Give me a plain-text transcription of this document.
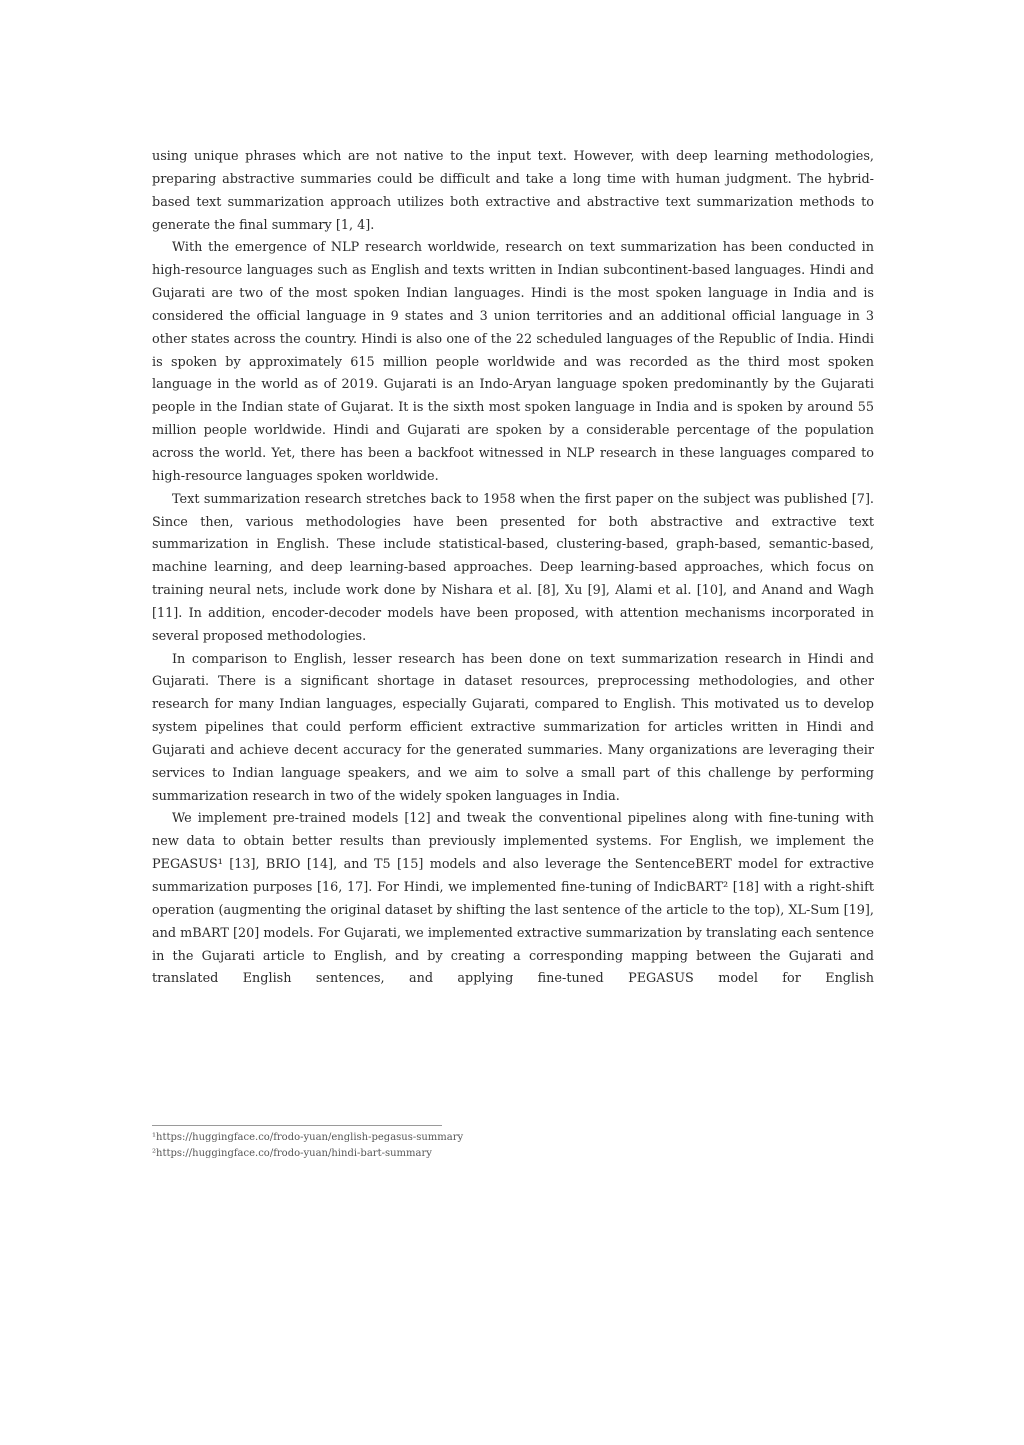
using unique phrases which are not native to the input text. However, with deep learning methodologies, preparing abstractive summaries could be difficult and take a long time with human judgment. The hybrid-based text summarization approach utilizes both extractive and abstractive text summarization methods to generate the final summary [1, 4].

With the emergence of NLP research worldwide, research on text summarization has been conducted in high-resource languages such as English and texts written in Indian subcontinent-based languages. Hindi and Gujarati are two of the most spoken Indian languages. Hindi is the most spoken language in India and is considered the official language in 9 states and 3 union territories and an additional official language in 3 other states across the country. Hindi is also one of the 22 scheduled languages of the Republic of India. Hindi is spoken by approximately 615 million people worldwide and was recorded as the third most spoken language in the world as of 2019. Gujarati is an Indo-Aryan language spoken predominantly by the Gujarati people in the Indian state of Gujarat. It is the sixth most spoken language in India and is spoken by around 55 million people worldwide. Hindi and Gujarati are spoken by a considerable percentage of the population across the world. Yet, there has been a backfoot witnessed in NLP research in these languages compared to high-resource languages spoken worldwide.

Text summarization research stretches back to 1958 when the first paper on the subject was published [7]. Since then, various methodologies have been presented for both abstractive and extractive text summarization in English. These include statistical-based, clustering-based, graph-based, semantic-based, machine learning, and deep learning-based approaches. Deep learning-based approaches, which focus on training neural nets, include work done by Nishara et al. [8], Xu [9], Alami et al. [10], and Anand and Wagh [11]. In addition, encoder-decoder models have been proposed, with attention mechanisms incorporated in several proposed methodologies.

In comparison to English, lesser research has been done on text summarization research in Hindi and Gujarati. There is a significant shortage in dataset resources, preprocessing methodologies, and other research for many Indian languages, especially Gujarati, compared to English. This motivated us to develop system pipelines that could perform efficient extractive summarization for articles written in Hindi and Gujarati and achieve decent accuracy for the generated summaries. Many organizations are leveraging their services to Indian language speakers, and we aim to solve a small part of this challenge by performing summarization research in two of the widely spoken languages in India.

We implement pre-trained models [12] and tweak the conventional pipelines along with fine-tuning with new data to obtain better results than previously implemented systems. For English, we implement the PEGASUS¹ [13], BRIO [14], and T5 [15] models and also leverage the SentenceBERT model for extractive summarization purposes [16, 17]. For Hindi, we implemented fine-tuning of IndicBART² [18] with a right-shift operation (augmenting the original dataset by shifting the last sentence of the article to the top), XL-Sum [19], and mBART [20] models. For Gujarati, we implemented extractive summarization by translating each sentence in the Gujarati article to English, and by creating a corresponding mapping between the Gujarati and translated English sentences, and applying fine-tuned PEGASUS model for English

¹https://huggingface.co/frodo-yuan/english-pegasus-summary
²https://huggingface.co/frodo-yuan/hindi-bart-summary
